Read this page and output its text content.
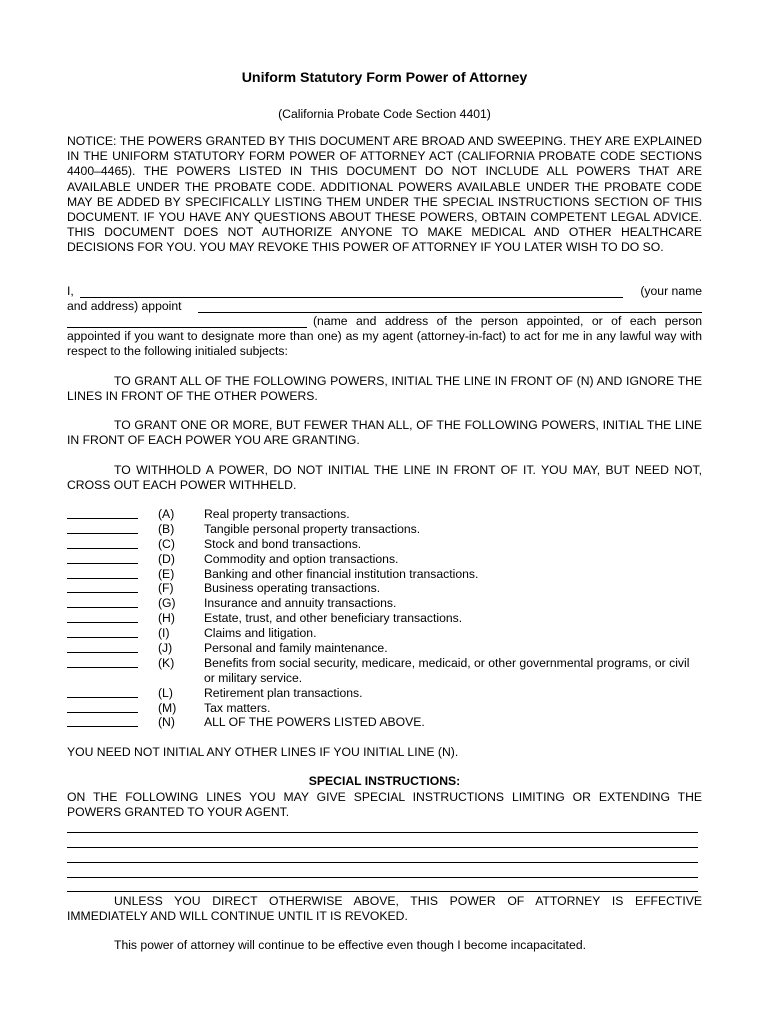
Uniform Statutory Form Power of Attorney
(California Probate Code Section 4401)

NOTICE: THE POWERS GRANTED BY THIS DOCUMENT ARE BROAD AND SWEEPING. THEY ARE EXPLAINED IN THE UNIFORM STATUTORY FORM POWER OF ATTORNEY ACT (CALIFORNIA PROBATE CODE SECTIONS 4400–4465). THE POWERS LISTED IN THIS DOCUMENT DO NOT INCLUDE ALL POWERS THAT ARE AVAILABLE UNDER THE PROBATE CODE. ADDITIONAL POWERS AVAILABLE UNDER THE PROBATE CODE MAY BE ADDED BY SPECIFICALLY LISTING THEM UNDER THE SPECIAL INSTRUCTIONS SECTION OF THIS DOCUMENT. IF YOU HAVE ANY QUESTIONS ABOUT THESE POWERS, OBTAIN COMPETENT LEGAL ADVICE. THIS DOCUMENT DOES NOT AUTHORIZE ANYONE TO MAKE MEDICAL AND OTHER HEALTHCARE DECISIONS FOR YOU. YOU MAY REVOKE THIS POWER OF ATTORNEY IF YOU LATER WISH TO DO SO.

I,	(your name
and address) appoint
(name and address of the person appointed, or of each person

appointed if you want to designate more than one) as my agent (attorney-in-fact) to act for me in any lawful way with respect to the following initialed subjects:

TO GRANT ALL OF THE FOLLOWING POWERS, INITIAL THE LINE IN FRONT OF (N) AND IGNORE THE LINES IN FRONT OF THE OTHER POWERS.

TO GRANT ONE OR MORE, BUT FEWER THAN ALL, OF THE FOLLOWING POWERS, INITIAL THE LINE IN FRONT OF EACH POWER YOU ARE GRANTING.

TO WITHHOLD A POWER, DO NOT INITIAL THE LINE IN FRONT OF IT. YOU MAY, BUT NEED NOT, CROSS OUT EACH POWER WITHHELD.

(A) Real property transactions.
(B) Tangible personal property transactions.
(C) Stock and bond transactions.
(D) Commodity and option transactions.
(E) Banking and other financial institution transactions.
(F) Business operating transactions.
(G) Insurance and annuity transactions.
(H) Estate, trust, and other beneficiary transactions.
(I)	Claims and litigation.
(J)	Personal and family maintenance.
(K) Benefits from social security, medicare, medicaid, or other governmental programs, or civil or military service.
(L)	Retirement plan transactions.
(M) Tax matters.
(N) ALL OF THE POWERS LISTED ABOVE.

YOU NEED NOT INITIAL ANY OTHER LINES IF YOU INITIAL LINE (N).

SPECIAL INSTRUCTIONS:

ON THE FOLLOWING LINES YOU MAY GIVE SPECIAL INSTRUCTIONS LIMITING OR EXTENDING THE POWERS GRANTED TO YOUR AGENT.

UNLESS YOU DIRECT OTHERWISE ABOVE, THIS POWER OF ATTORNEY IS EFFECTIVE IMMEDIATELY AND WILL CONTINUE UNTIL IT IS REVOKED.

This power of attorney will continue to be effective even though I become incapacitated.
